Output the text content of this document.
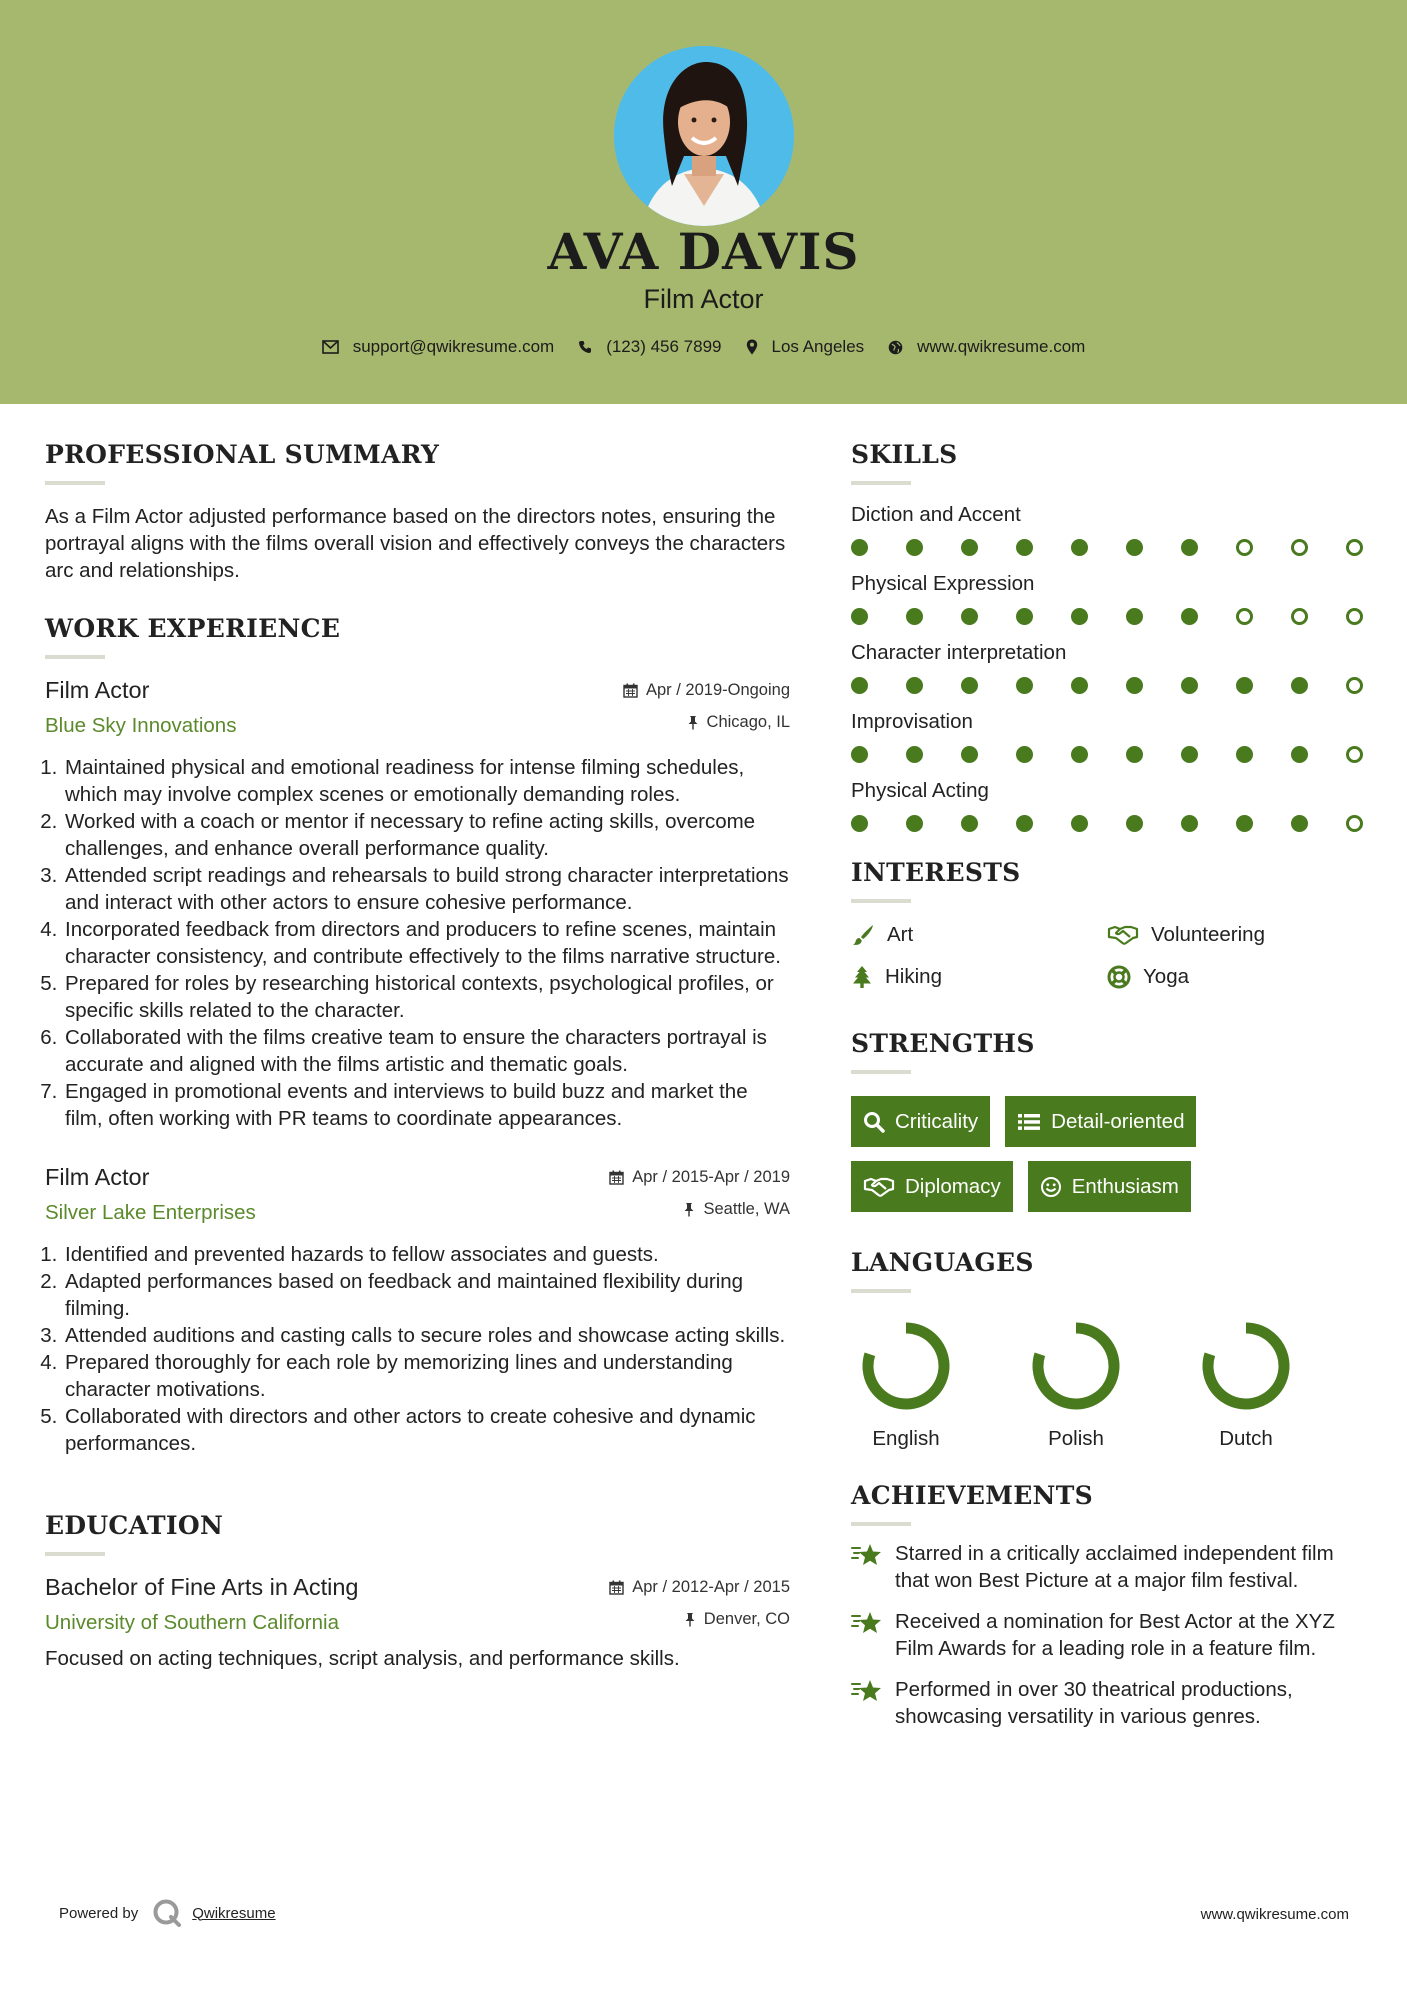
AVA DAVIS
Film Actor
support@qwikresume.com	(123) 456 7899	Los Angeles	www.qwikresume.com
PROFESSIONAL SUMMARY

As a Film Actor adjusted performance based on the directors notes, ensuring the portrayal aligns with the films overall vision and effectively conveys the characters arc and relationships.

WORK EXPERIENCE
Film Actor
Blue Sky Innovations
Apr / 2019-Ongoing
Chicago, IL
1. Maintained physical and emotional readiness for intense filming schedules, which may involve complex scenes or emotionally demanding roles.
2. Worked with a coach or mentor if necessary to refine acting skills, overcome challenges, and enhance overall performance quality.
3. Attended script readings and rehearsals to build strong character interpretations and interact with other actors to ensure cohesive performance.
4. Incorporated feedback from directors and producers to refine scenes, maintain character consistency, and contribute effectively to the films narrative structure.
5. Prepared for roles by researching historical contexts, psychological profiles, or specific skills related to the character.
6. Collaborated with the films creative team to ensure the characters portrayal is accurate and aligned with the films artistic and thematic goals.
7. Engaged in promotional events and interviews to build buzz and market the film, often working with PR teams to coordinate appearances.
Film Actor
Silver Lake Enterprises
Apr / 2015-Apr / 2019
Seattle, WA
1. Identified and prevented hazards to fellow associates and guests.
2. Adapted performances based on feedback and maintained flexibility during filming.
3. Attended auditions and casting calls to secure roles and showcase acting skills.
4. Prepared thoroughly for each role by memorizing lines and understanding character motivations.
5. Collaborated with directors and other actors to create cohesive and dynamic performances.
EDUCATION
Bachelor of Fine Arts in Acting
University of Southern California
Apr / 2012-Apr / 2015
Denver, CO

Focused on acting techniques, script analysis, and performance skills.

SKILLS
Diction and Accent
Physical Expression
Character interpretation
Improvisation
Physical Acting
INTERESTS
Art	Volunteering
Hiking	Yoga
STRENGTHS
Criticality	Detail-oriented
Diplomacy	Enthusiasm
LANGUAGES
English	Polish	Dutch
ACHIEVEMENTS
Starred in a critically acclaimed independent film that won Best Picture at a major film festival.
Received a nomination for Best Actor at the XYZ Film Awards for a leading role in a feature film.
Performed in over 30 theatrical productions, showcasing versatility in various genres.
Powered by	Qwikresume	www.qwikresume.com
